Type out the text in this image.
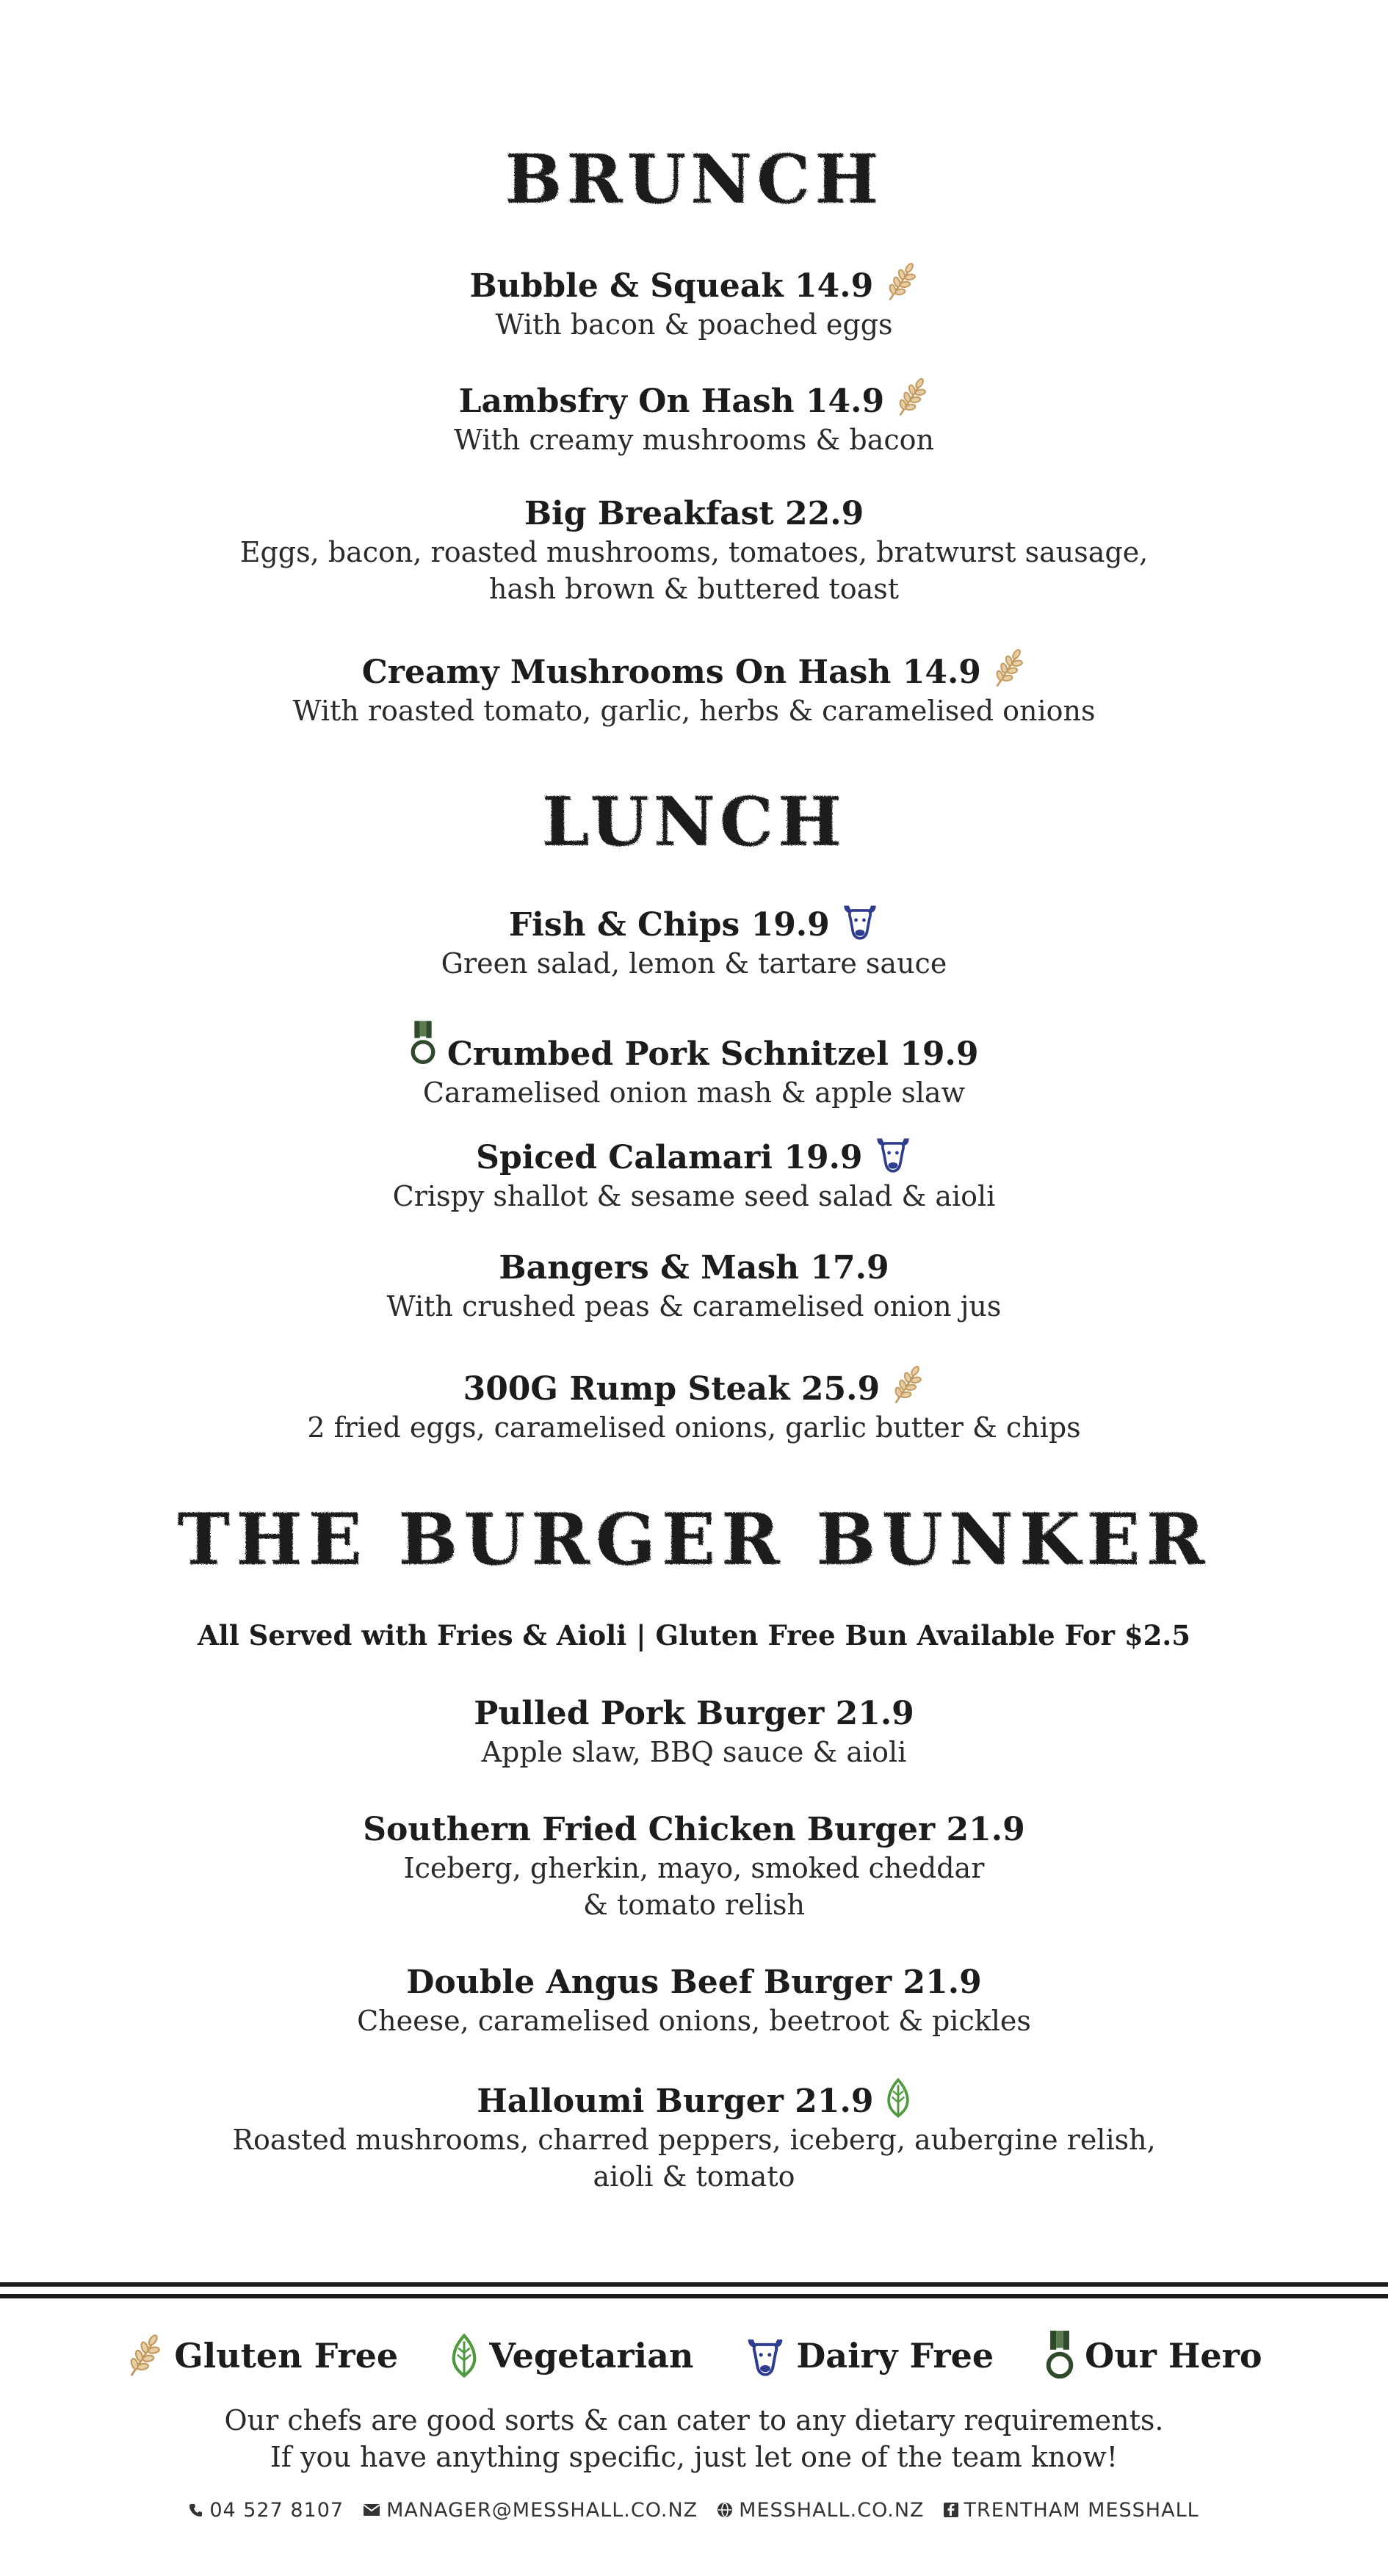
BRUNCH
Bubble & Squeak 14.9
With bacon & poached eggs
Lambsfry On Hash 14.9
With creamy mushrooms & bacon
Big Breakfast 22.9
Eggs, bacon, roasted mushrooms, tomatoes, bratwurst sausage,
hash brown & buttered toast
Creamy Mushrooms On Hash 14.9
With roasted tomato, garlic, herbs & caramelised onions
LUNCH
Fish & Chips 19.9
Green salad, lemon & tartare sauce
Crumbed Pork Schnitzel 19.9
Caramelised onion mash & apple slaw
Spiced Calamari 19.9
Crispy shallot & sesame seed salad & aioli
Bangers & Mash 17.9
With crushed peas & caramelised onion jus
300G Rump Steak 25.9
2 fried eggs, caramelised onions, garlic butter & chips
THE BURGER BUNKER
All Served with Fries & Aioli | Gluten Free Bun Available For $2.5
Pulled Pork Burger 21.9
Apple slaw, BBQ sauce & aioli
Southern Fried Chicken Burger 21.9
Iceberg, gherkin, mayo, smoked cheddar
& tomato relish
Double Angus Beef Burger 21.9
Cheese, caramelised onions, beetroot & pickles
Halloumi Burger 21.9
Roasted mushrooms, charred peppers, iceberg, aubergine relish,
aioli & tomato
Gluten Free	Vegetarian	Dairy Free	Our Hero
Our chefs are good sorts & can cater to any dietary requirements.
If you have anything specific, just let one of the team know!
04 527 8107 MANAGER@MESSHALL.CO.NZ MESSHALL.CO.NZ TRENTHAM MESSHALL
